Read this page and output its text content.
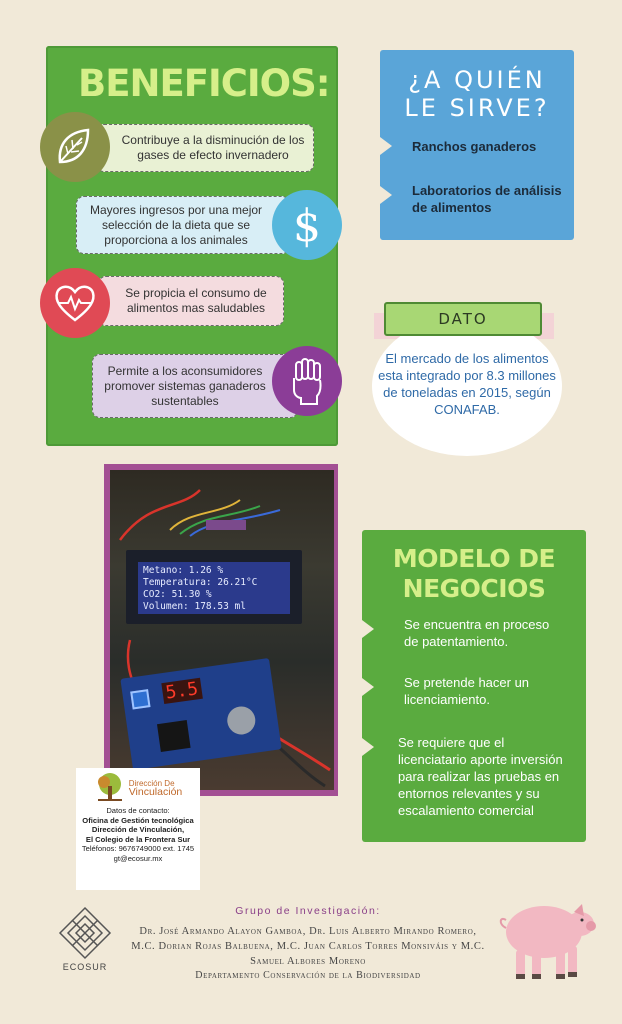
BENEFICIOS:
Contribuye a la disminución de los gases de efecto invernadero
Mayores ingresos por una mejor selección de la dieta que se proporciona a los animales	$
Se propicia el consumo de alimentos mas saludables
Permite a los aconsumidores promover sistemas ganaderos sustentables
¿A QUIÉN
LE SIRVE?
Ranchos ganaderos
Laboratorios de análisis de alimentos
DATO
El mercado de los alimentos esta integrado por 8.3 millones de toneladas en 2015, según CONAFAB.
Metano: 1.26 %
Temperatura: 26.21°C
CO2: 51.30 %
Volumen: 178.53 ml
5.5
Dirección De
Vinculación
Datos de contacto:
Oficina de Gestión tecnológica
Dirección de Vinculación,
El Colegio de la Frontera Sur
Teléfonos: 9676749000 ext. 1745
gt@ecosur.mx
MODELO DE
NEGOCIOS
Se encuentra en proceso de patentamiento.
Se pretende hacer un licenciamiento.
Se requiere que el licenciatario aporte inversión para realizar las pruebas en entornos relevantes y su escalamiento comercial
ECOSUR
Grupo de Investigación:
Dr. José Armando Alayon Gamboa, Dr. Luis Alberto Mirando Romero, M.C. Dorian Rojas Balbuena, M.C. Juan Carlos Torres Monsiváis y M.C. Samuel Albores Moreno
Departamento Conservación de la Biodiversidad
